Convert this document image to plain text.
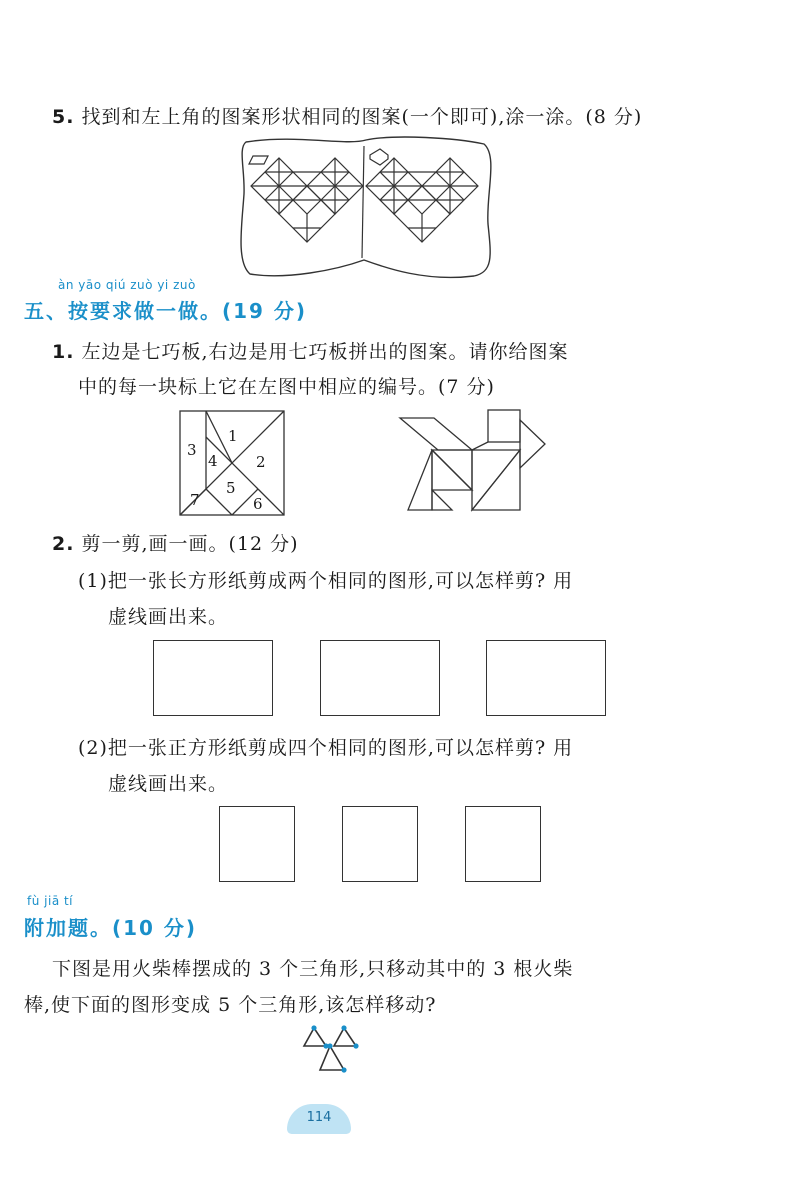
5. 找到和左上角的图案形状相同的图案(一个即可),涂一涂。(8 分)
àn yāo qiú zuò yi zuò
五、按要求做一做。(19 分)
1. 左边是七巧板,右边是用七巧板拼出的图案。请你给图案
中的每一块标上它在左图中相应的编号。(7 分)
1
2
3
4
5
6
7
2. 剪一剪,画一画。(12 分)
(1)把一张长方形纸剪成两个相同的图形,可以怎样剪? 用
虚线画出来。
(2)把一张正方形纸剪成四个相同的图形,可以怎样剪? 用
虚线画出来。
fù jiā tí
附加题。(10 分)
下图是用火柴棒摆成的 3 个三角形,只移动其中的 3 根火柴
棒,使下面的图形变成 5 个三角形,该怎样移动?
114
